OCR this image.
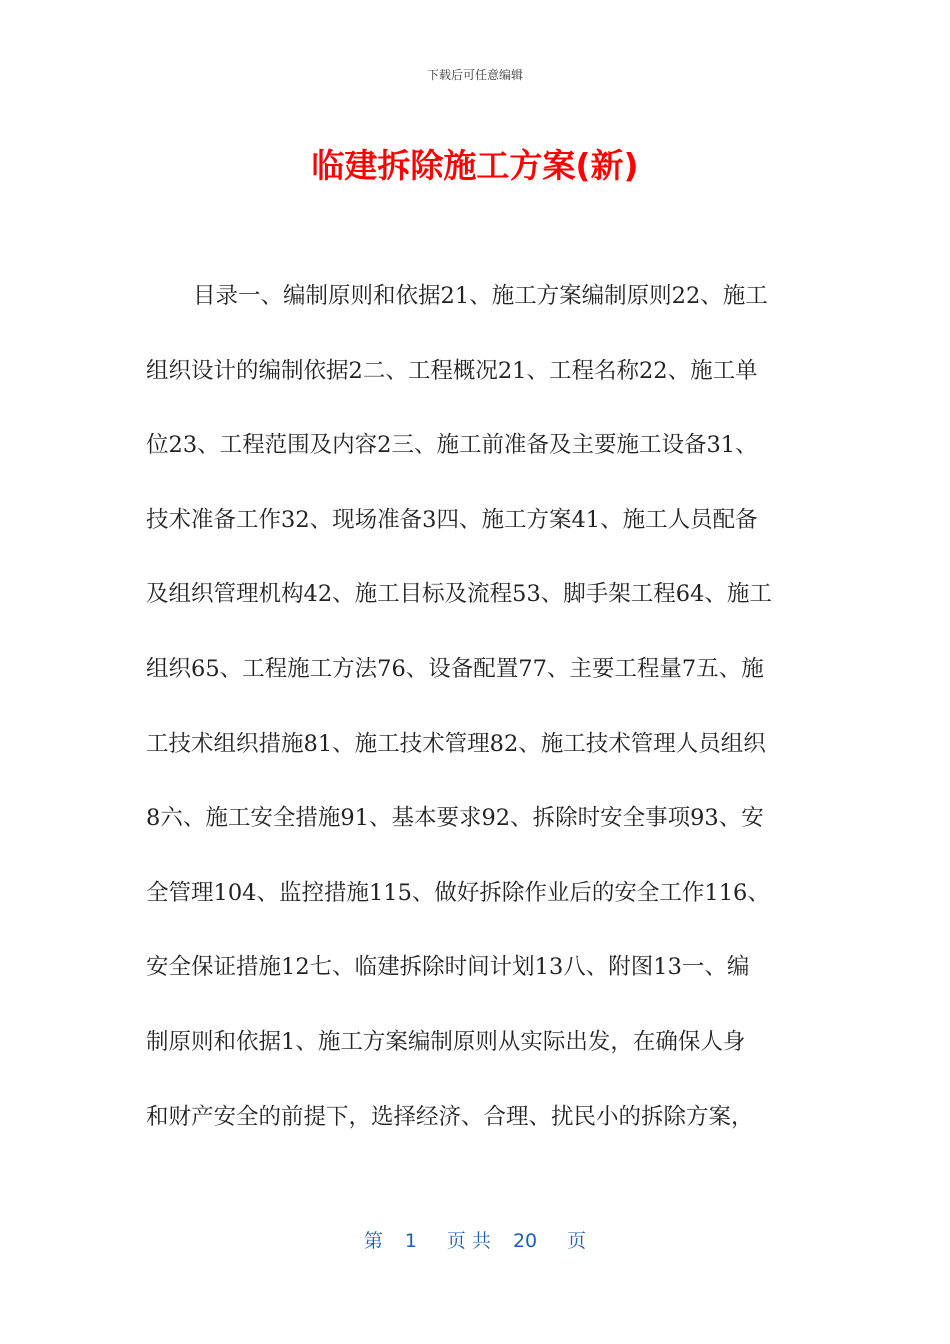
下载后可任意编辑
临建拆除施工方案(新)
目录一、编制原则和依据21、施工方案编制原则22、施工
组织设计的编制依据2二、工程概况21、工程名称22、施工单
位23、工程范围及内容2三、施工前准备及主要施工设备31、
技术准备工作32、现场准备3四、施工方案41、施工人员配备
及组织管理机构42、施工目标及流程53、脚手架工程64、施工
组织65、工程施工方法76、设备配置77、主要工程量7五、施
工技术组织措施81、施工技术管理82、施工技术管理人员组织
8六、施工安全措施91、基本要求92、拆除时安全事项93、安
全管理104、监控措施115、做好拆除作业后的安全工作116、
安全保证措施12七、临建拆除时间计划13八、附图13一、编
制原则和依据1、施工方案编制原则从实际出发，在确保人身
和财产安全的前提下，选择经济、合理、扰民小的拆除方案，
第 1 页 共 20 页
